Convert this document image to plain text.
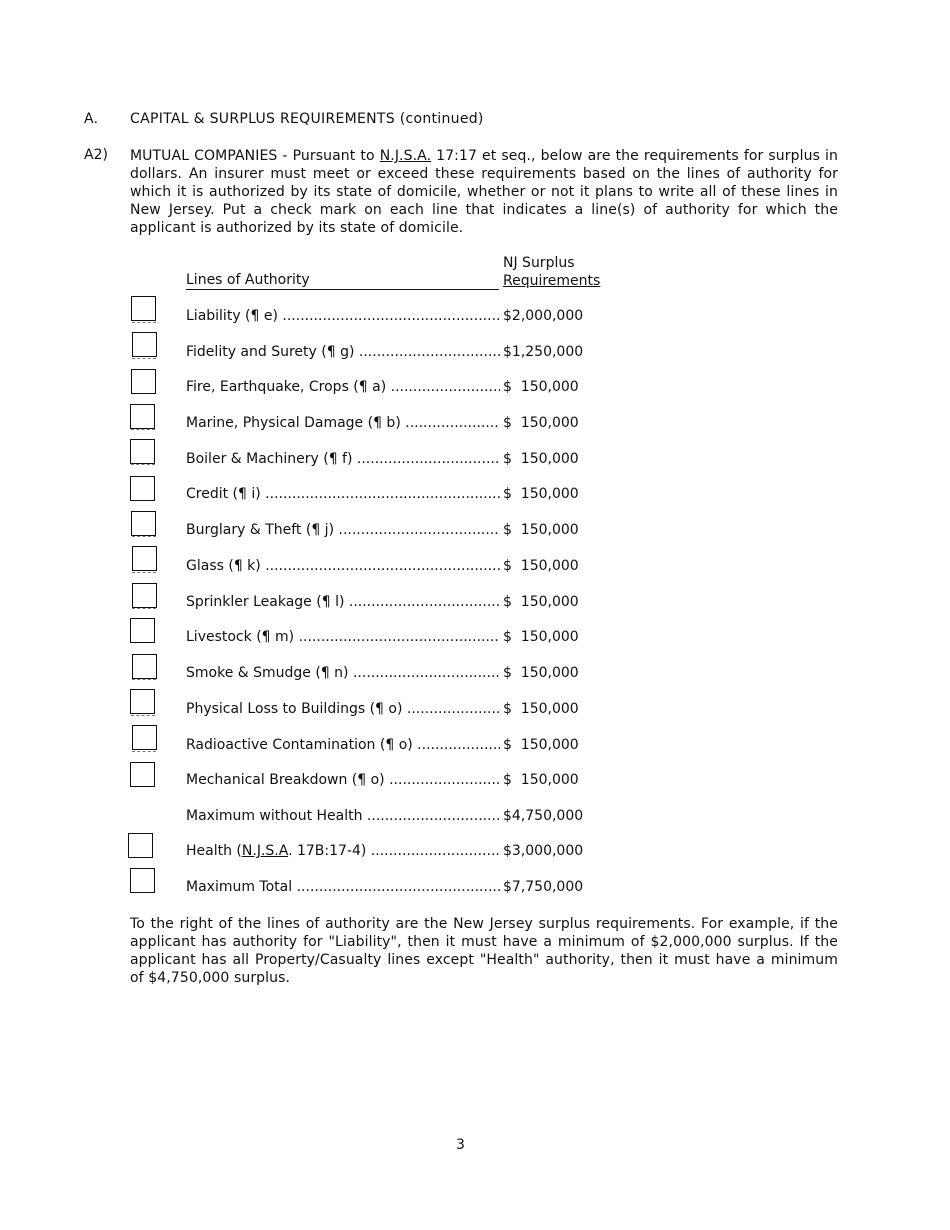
A. CAPITAL & SURPLUS REQUIREMENTS (continued)
A2) MUTUAL COMPANIES - Pursuant to N.J.S.A. 17:17 et seq., below are the requirements for surplus in dollars. An insurer must meet or exceed these requirements based on the lines of authority for which it is authorized by its state of domicile, whether or not it plans to write all of these lines in New Jersey. Put a check mark on each line that indicates a line(s) of authority for which the applicant is authorized by its state of domicile.
Lines of Authority
NJ Surplus
Requirements
Liability (¶ e) .....	$2,000,000
Fidelity and Surety (¶ g) .....	$1,250,000
Fire, Earthquake, Crops (¶ a) .....	$  150,000
Marine, Physical Damage (¶ b) .....	$  150,000
Boiler & Machinery (¶ f) .....	$  150,000
Credit (¶ i) .....	$  150,000
Burglary & Theft (¶ j) .....	$  150,000
Glass (¶ k) .....	$  150,000
Sprinkler Leakage (¶ l) .....	$  150,000
Livestock (¶ m) .....	$  150,000
Smoke & Smudge (¶ n) .....	$  150,000
Physical Loss to Buildings (¶ o) .....	$  150,000
Radioactive Contamination (¶ o) .....	$  150,000
Mechanical Breakdown (¶ o) .....	$  150,000
Maximum without Health .....	$4,750,000
Health (N.J.S.A. 17B:17-4) .....	$3,000,000
Maximum Total .....	$7,750,000
To the right of the lines of authority are the New Jersey surplus requirements. For example, if the applicant has authority for "Liability", then it must have a minimum of $2,000,000 surplus. If the applicant has all Property/Casualty lines except "Health" authority, then it must have a minimum of $4,750,000 surplus.
3
